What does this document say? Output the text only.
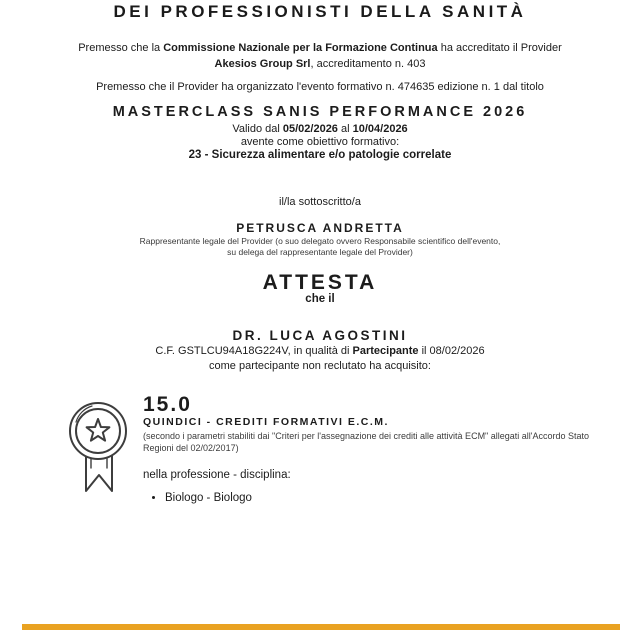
DEI PROFESSIONISTI DELLA SANITÀ
Premesso che la Commissione Nazionale per la Formazione Continua ha accreditato il Provider
Akesios Group Srl, accreditamento n. 403
Premesso che il Provider ha organizzato l'evento formativo n. 474635 edizione n. 1 dal titolo
MASTERCLASS SANIS PERFORMANCE 2026
Valido dal 05/02/2026 al 10/04/2026
avente come obiettivo formativo:
23 - Sicurezza alimentare e/o patologie correlate
il/la sottoscritto/a
PETRUSCA ANDRETTA
Rappresentante legale del Provider (o suo delegato ovvero Responsabile scientifico dell'evento,
su delega del rappresentante legale del Provider)
ATTESTA
che il
DR. LUCA AGOSTINI
C.F. GSTLCU94A18G224V, in qualità di Partecipante il 08/02/2026
come partecipante non reclutato ha acquisito:
15.0
QUINDICI - CREDITI FORMATIVI E.C.M.
(secondo i parametri stabiliti dai "Criteri per l'assegnazione dei crediti alle attività ECM" allegati all'Accordo Stato Regioni del 02/02/2017)
nella professione - disciplina:
• Biologo - Biologo
